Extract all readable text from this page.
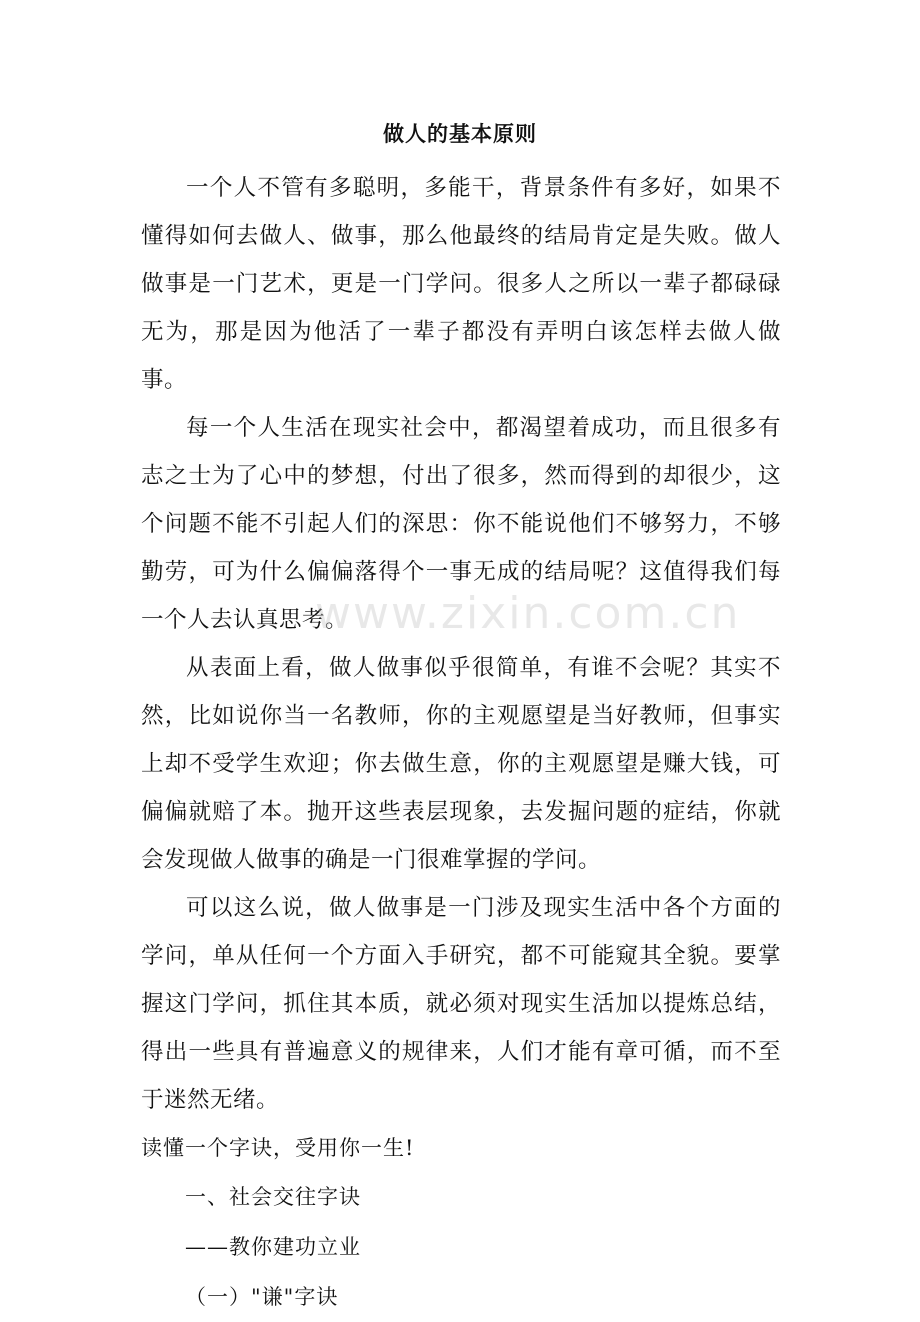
做人的基本原则

一个人不管有多聪明，多能干，背景条件有多好，如果不懂得如何去做人、做事，那么他最终的结局肯定是失败。做人做事是一门艺术，更是一门学问。很多人之所以一辈子都碌碌无为，那是因为他活了一辈子都没有弄明白该怎样去做人做事。

每一个人生活在现实社会中，都渴望着成功，而且很多有志之士为了心中的梦想，付出了很多，然而得到的却很少，这个问题不能不引起人们的深思：你不能说他们不够努力，不够勤劳，可为什么偏偏落得个一事无成的结局呢？这值得我们每一个人去认真思考。

从表面上看，做人做事似乎很简单，有谁不会呢？其实不然，比如说你当一名教师，你的主观愿望是当好教师，但事实上却不受学生欢迎；你去做生意，你的主观愿望是赚大钱，可偏偏就赔了本。抛开这些表层现象，去发掘问题的症结，你就会发现做人做事的确是一门很难掌握的学问。

可以这么说，做人做事是一门涉及现实生活中各个方面的学问，单从任何一个方面入手研究，都不可能窥其全貌。要掌握这门学问，抓住其本质，就必须对现实生活加以提炼总结，得出一些具有普遍意义的规律来，人们才能有章可循，而不至于迷然无绪。

读懂一个字诀，受用你一生!

一、社会交往字诀

——教你建功立业

（一）"谦"字诀

www.zixin.com.cn
